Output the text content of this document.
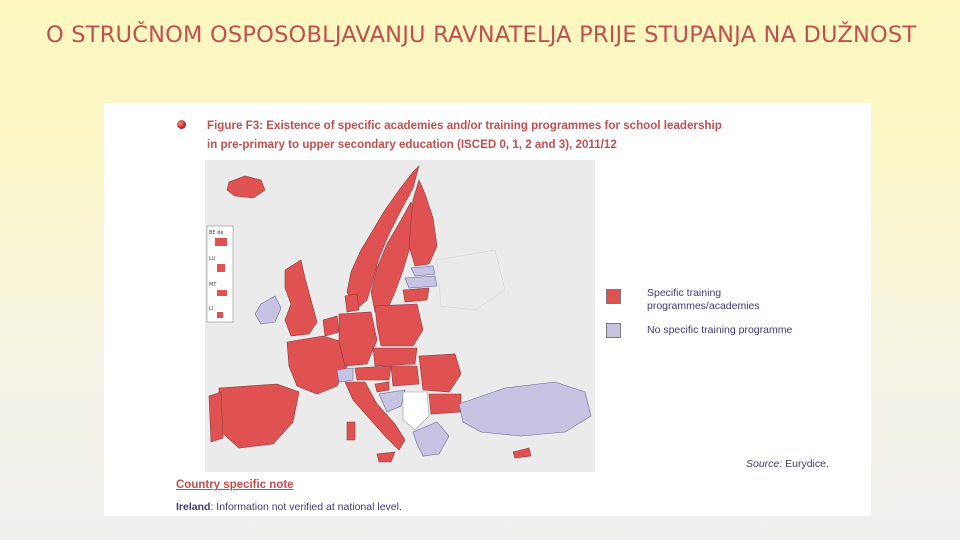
O STRUČNOM OSPOSOBLJAVANJU RAVNATELJA PRIJE STUPANJA NA DUŽNOST
Figure F3: Existence of specific academies and/or training programmes for school leadership
in pre-primary to upper secondary education (ISCED 0, 1, 2 and 3), 2011/12
BE de
LU
MT
LI
Specific training
programmes/academies
No specific training programme
Source: Eurydice.
Country specific note
Ireland: Information not verified at national level.
